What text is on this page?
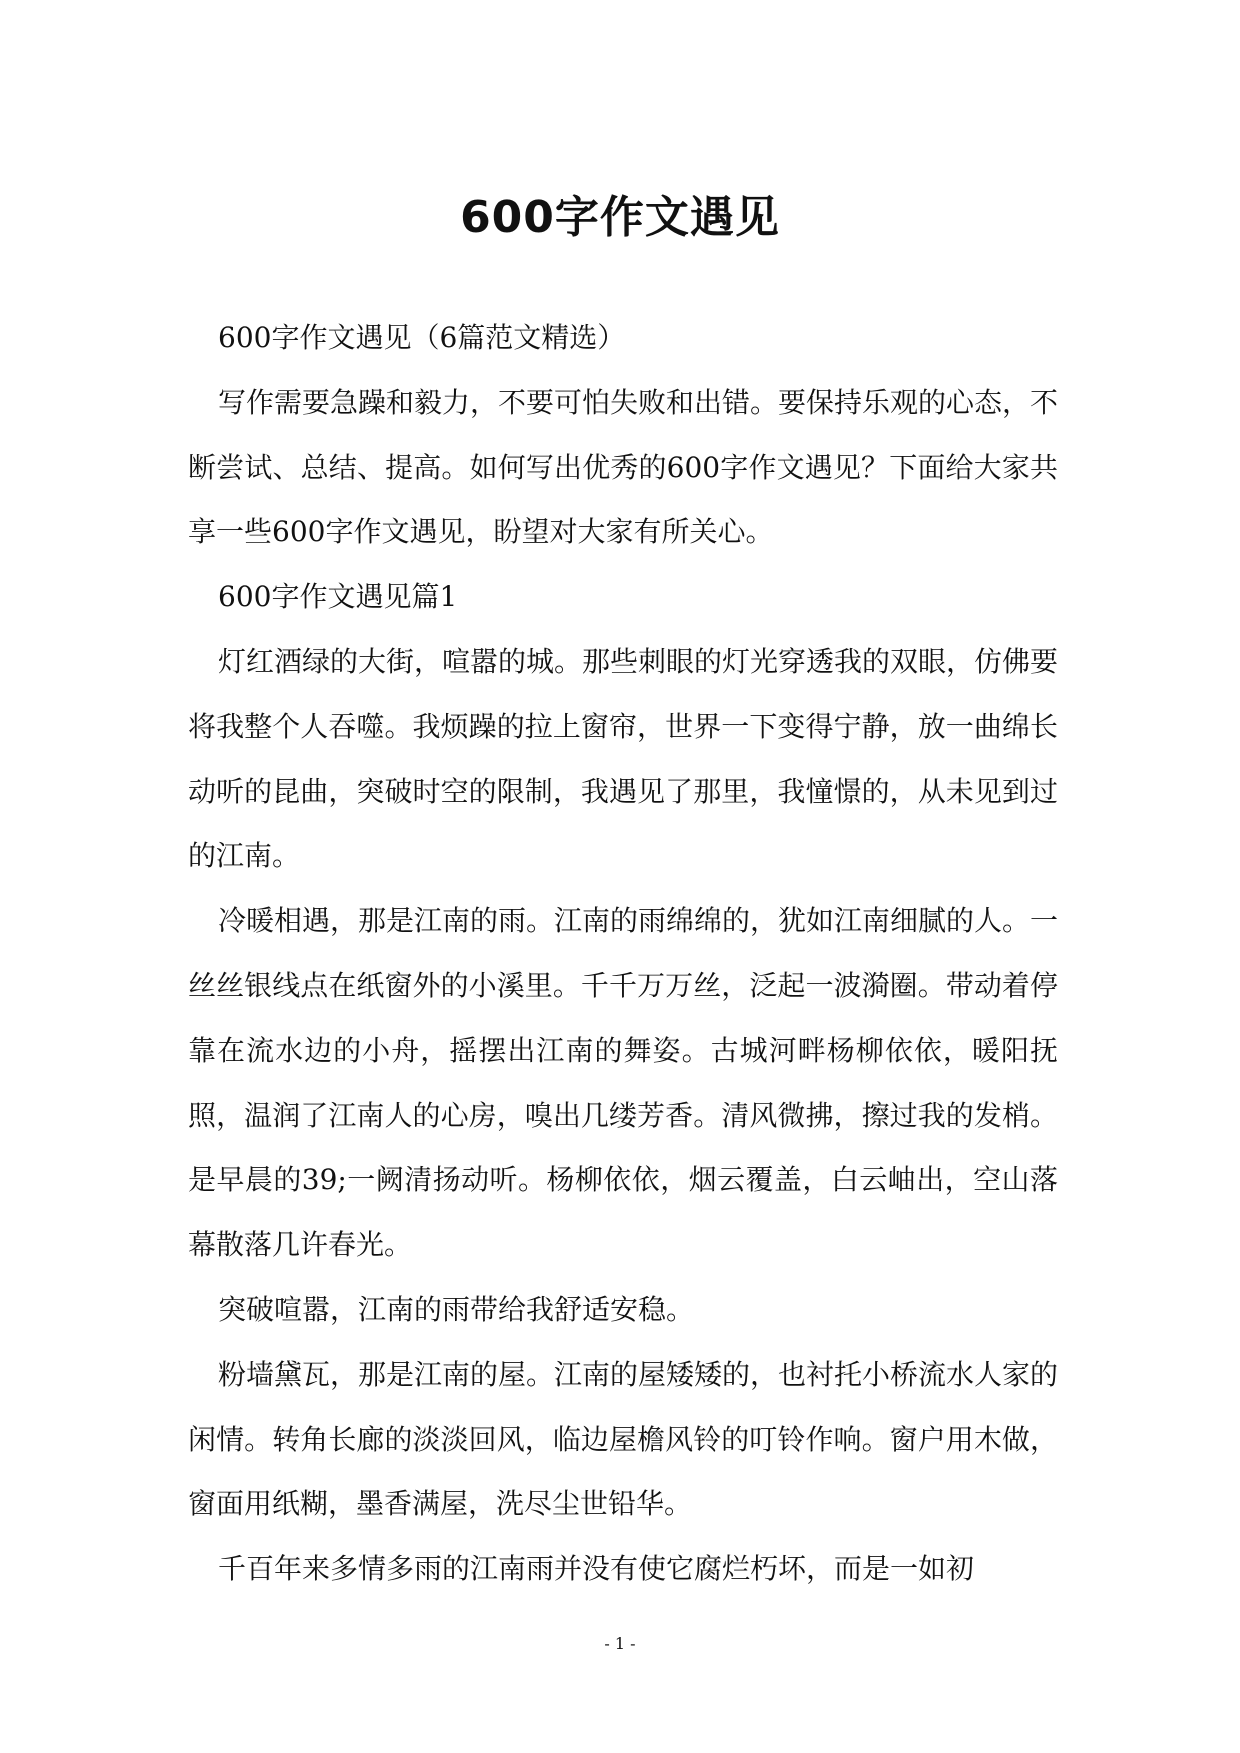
600字作文遇见

600字作文遇见（6篇范文精选）

写作需要急躁和毅力，不要可怕失败和出错。要保持乐观的心态，不断尝试、总结、提高。如何写出优秀的600字作文遇见？下面给大家共享一些600字作文遇见，盼望对大家有所关心。

600字作文遇见篇1

灯红酒绿的大街，喧嚣的城。那些刺眼的灯光穿透我的双眼，仿佛要将我整个人吞噬。我烦躁的拉上窗帘，世界一下变得宁静，放一曲绵长动听的昆曲，突破时空的限制，我遇见了那里，我憧憬的，从未见到过的江南。

冷暖相遇，那是江南的雨。江南的雨绵绵的，犹如江南细腻的人。一丝丝银线点在纸窗外的小溪里。千千万万丝，泛起一波漪圈。带动着停靠在流水边的小舟，摇摆出江南的舞姿。古城河畔杨柳依依，暖阳抚照，温润了江南人的心房，嗅出几缕芳香。清风微拂，擦过我的发梢。是早晨的39;一阙清扬动听。杨柳依依，烟云覆盖，白云岫出，空山落幕散落几许春光。

突破喧嚣，江南的雨带给我舒适安稳。

粉墙黛瓦，那是江南的屋。江南的屋矮矮的，也衬托小桥流水人家的闲情。转角长廊的淡淡回风，临边屋檐风铃的叮铃作响。窗户用木做，窗面用纸糊，墨香满屋，洗尽尘世铅华。

千百年来多情多雨的江南雨并没有使它腐烂朽坏，而是一如初

- 1 -
